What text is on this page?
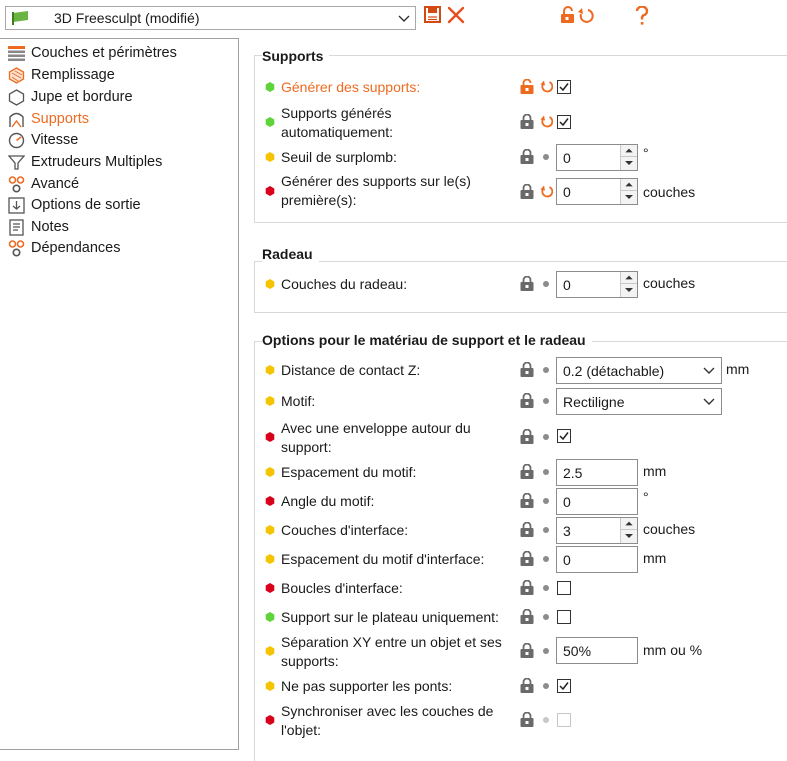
3D Freesculpt (modifié)
Couches et périmètres
Remplissage
Jupe et bordure
Supports
Vitesse
Extrudeurs Multiples
Avancé
Options de sortie
Notes
Dépendances
Supports
Générer des supports:
Supports générés
automatiquement:
Seuil de surplomb:	0	°
Générer des supports sur le(s)
première(s):	0	couches
Radeau
Couches du radeau:	0	couches
Options pour le matériau de support et le radeau
Distance de contact Z:	0.2 (détachable)	mm
Motif:	Rectiligne
Avec une enveloppe autour du
support:
Espacement du motif:	2.5	mm
Angle du motif:	0	°
Couches d'interface:	3	couches
Espacement du motif d'interface:	0	mm
Boucles d'interface:
Support sur le plateau uniquement:
Séparation XY entre un objet et ses
supports:
50%	mm ou %
Ne pas supporter les ponts:
Synchroniser avec les couches de
l'objet:
